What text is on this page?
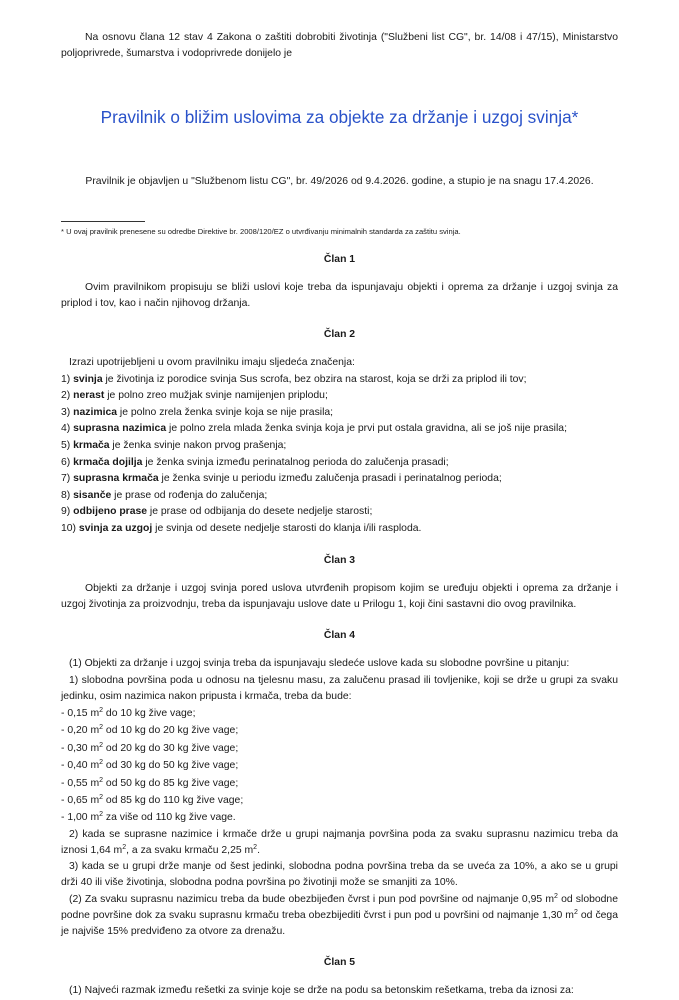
Na osnovu člana 12 stav 4 Zakona o zaštiti dobrobiti životinja ("Službeni list CG", br. 14/08 i 47/15), Ministarstvo poljoprivrede, šumarstva i vodoprivrede donijelo je

Pravilnik o bližim uslovima za objekte za držanje i uzgoj svinja*

Pravilnik je objavljen u "Službenom listu CG", br. 49/2026 od 9.4.2026. godine, a stupio je na snagu 17.4.2026.

* U ovaj pravilnik prenesene su odredbe Direktive br. 2008/120/EZ o utvrđivanju minimalnih standarda za zaštitu svinja.

Član 1

Ovim pravilnikom propisuju se bliži uslovi koje treba da ispunjavaju objekti i oprema za držanje i uzgoj svinja za priplod i tov, kao i način njihovog držanja.

Član 2

Izrazi upotrijebljeni u ovom pravilniku imaju sljedeća značenja:

1) svinja je životinja iz porodice svinja Sus scrofa, bez obzira na starost, koja se drži za priplod ili tov;
2) nerast je polno zreo mužjak svinje namijenjen priplodu;
3) nazimica je polno zrela ženka svinje koja se nije prasila;
4) suprasna nazimica je polno zrela mlada ženka svinja koja je prvi put ostala gravidna, ali se još nije prasila;
5) krmača je ženka svinje nakon prvog prašenja;
6) krmača dojilja je ženka svinja između perinatalnog perioda do zalučenja prasadi;
7) suprasna krmača je ženka svinje u periodu između zalučenja prasadi i perinatalnog perioda;
8) sisanče je prase od rođenja do zalučenja;
9) odbijeno prase je prase od odbijanja do desete nedjelje starosti;
10) svinja za uzgoj je svinja od desete nedjelje starosti do klanja i/ili rasploda.
Član 3

Objekti za držanje i uzgoj svinja pored uslova utvrđenih propisom kojim se uređuju objekti i oprema za držanje i uzgoj životinja za proizvodnju, treba da ispunjavaju uslove date u Prilogu 1, koji čini sastavni dio ovog pravilnika.

Član 4

(1) Objekti za držanje i uzgoj svinja treba da ispunjavaju sledeće uslove kada su slobodne površine u pitanju:

1) slobodna površina poda u odnosu na tjelesnu masu, za zalučenu prasad ili tovljenike, koji se drže u grupi za svaku jedinku, osim nazimica nakon pripusta i krmača, treba da bude:

- 0,15 $m^2$ do 10 kg žive vage;
- 0,20 $m^2$ od 10 kg do 20 kg žive vage;
- 0,30 $m^2$ od 20 kg do 30 kg žive vage;
- 0,40 $m^2$ od 30 kg do 50 kg žive vage;
- 0,55 $m^2$ od 50 kg do 85 kg žive vage;
- 0,65 $m^2$ od 85 kg do 110 kg žive vage;
- 1,00 $m^2$ za više od 110 kg žive vage.

2) kada se suprasne nazimice i krmače drže u grupi najmanja površina poda za svaku suprasnu nazimicu treba da iznosi 1,64 $m^2$, a za svaku krmaču 2,25 $m^2$.

3) kada se u grupi drže manje od šest jedinki, slobodna podna površina treba da se uveća za 10%, a ako se u grupi drži 40 ili više životinja, slobodna podna površina po životinji može se smanjiti za 10%.

(2) Za svaku suprasnu nazimicu treba da bude obezbijeđen čvrst i pun pod površine od najmanje 0,95 $m^2$ od slobodne podne površine dok za svaku suprasnu krmaču treba obezbijediti čvrst i pun pod u površini od najmanje 1,30 $m^2$ od čega je najviše 15% predviđeno za otvore za drenažu.

Član 5

(1) Najveći razmak između rešetki za svinje koje se drže na podu sa betonskim rešetkama, treba da iznosi za:
